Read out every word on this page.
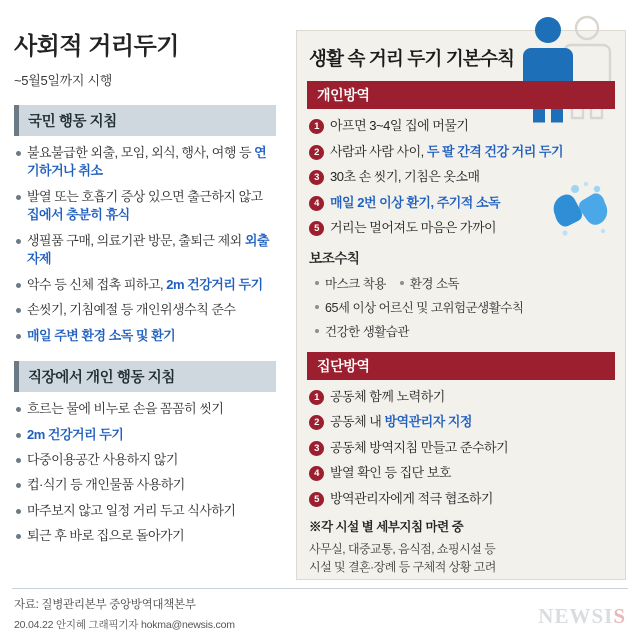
사회적 거리두기
~5월5일까지 시행
국민 행동 지침
불요불급한 외출, 모임, 외식, 행사, 여행 등 연기하거나 취소
발열 또는 호흡기 증상 있으면 출근하지 않고 집에서 충분히 휴식
생필품 구매, 의료기관 방문, 출퇴근 제외 외출 자제
악수 등 신체 접촉 피하고, 2m 건강거리 두기
손씻기, 기침예절 등 개인위생수칙 준수
매일 주변 환경 소독 및 환기
직장에서 개인 행동 지침
흐르는 물에 비누로 손을 꼼꼼히 씻기
2m 건강거리 두기
다중이용공간 사용하지 않기
컵·식기 등 개인물품 사용하기
마주보지 않고 일정 거리 두고 식사하기
퇴근 후 바로 집으로 돌아가기
자료: 질병관리본부 중앙방역대책본부
20.04.22 안지혜 그래픽기자 hokma@newsis.com	NEWSIS
생활 속 거리 두기 기본수칙
개인방역
1 아프면 3~4일 집에 머물기
2 사람과 사람 사이, 두 팔 간격 건강 거리 두기
3 30초 손 씻기, 기침은 옷소매
4 매일 2번 이상 환기, 주기적 소독
5 거리는 멀어져도 마음은 가까이
보조수칙
마스크 착용 환경 소독
65세 이상 어르신 및 고위험군생활수칙
건강한 생활습관
집단방역
1 공동체 함께 노력하기
2 공동체 내 방역관리자 지정
3 공동체 방역지침 만들고 준수하기
4 발열 확인 등 집단 보호
5 방역관리자에게 적극 협조하기
※각 시설 별 세부지침 마련 중
사무실, 대중교통, 음식점, 쇼핑시설 등
시설 및 결혼·장례 등 구체적 상황 고려
